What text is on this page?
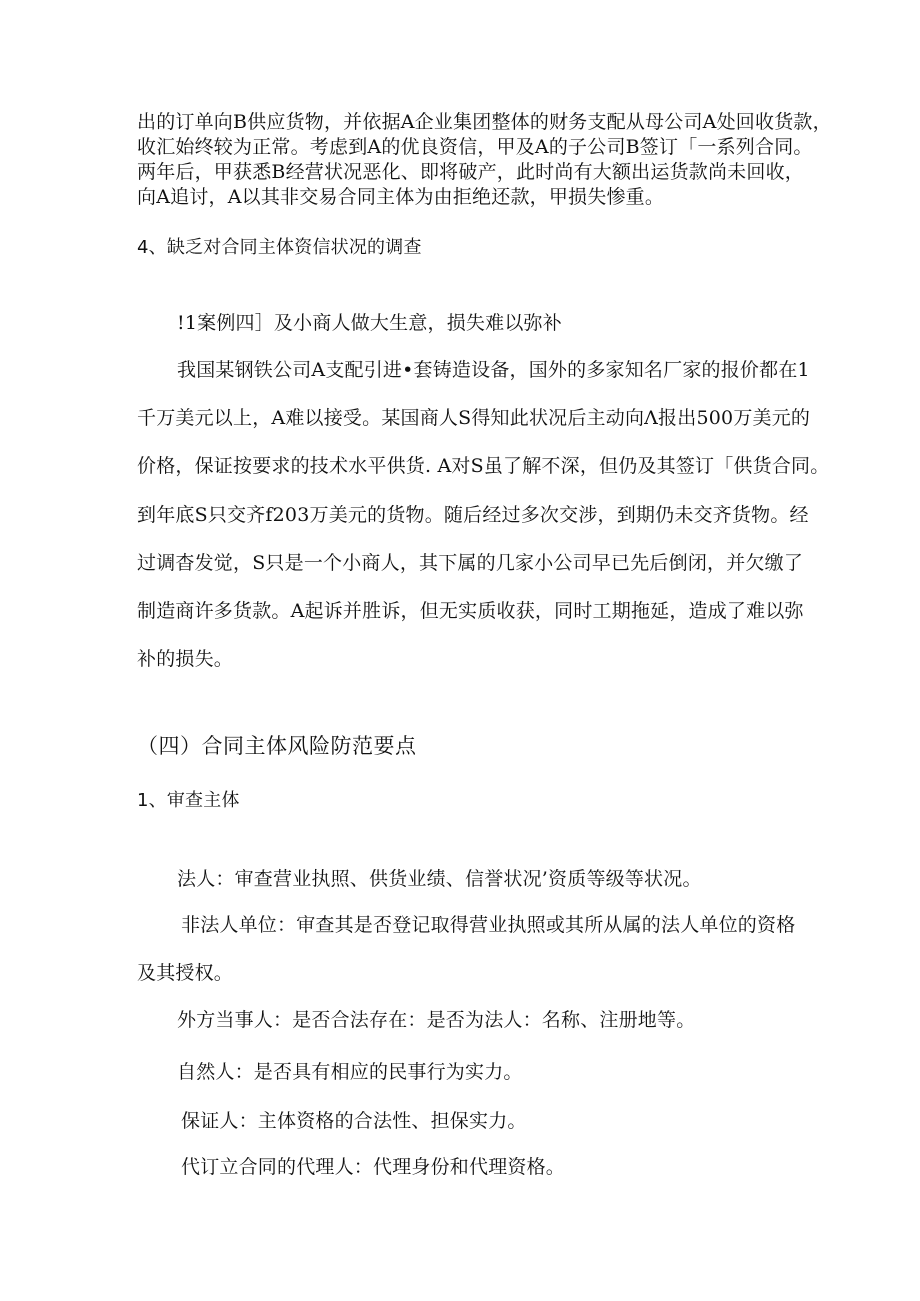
出的订单向B供应货物，并依据A企业集团整体的财务支配从母公司A处回收货款，
收汇始终较为正常。考虑到A的优良资信，甲及A的子公司B签订「一系列合同。
两年后，甲获悉B经营状况恶化、即将破产，此时尚有大额出运货款尚未回收，
向A追讨，A以其非交易合同主体为由拒绝还款，甲损失惨重。
4、缺乏对合同主体资信状况的调查
!1案例四］及小商人做大生意，损失难以弥补
我国某钢铁公司A支配引进•套铸造设备，国外的多家知名厂家的报价都在1
千万美元以上，A难以接受。某国商人S得知此状况后主动向Λ报出500万美元的
价格，保证按要求的技术水平供货. A对S虽了解不深，但仍及其签订「供货合同。
到年底S只交齐f203万美元的货物。随后经过多次交涉，到期仍未交齐货物。经
过调杳发觉，S只是一个小商人，其下属的几家小公司早已先后倒闭，并欠缴了
制造商许多货款。A起诉并胜诉，但无实质收获，同时工期拖延，造成了难以弥
补的损失。
（四）合同主体风险防范要点
1、审查主体
法人：审查营业执照、供货业绩、信誉状况’资质等级等状况。
非法人单位：审查其是否登记取得营业执照或其所从属的法人单位的资格
及其授权。
外方当事人：是否合法存在：是否为法人：名称、注册地等。
自然人：是否具有相应的民事行为实力。
保证人：主体资格的合法性、担保实力。
代订立合同的代理人：代理身份和代理资格。
